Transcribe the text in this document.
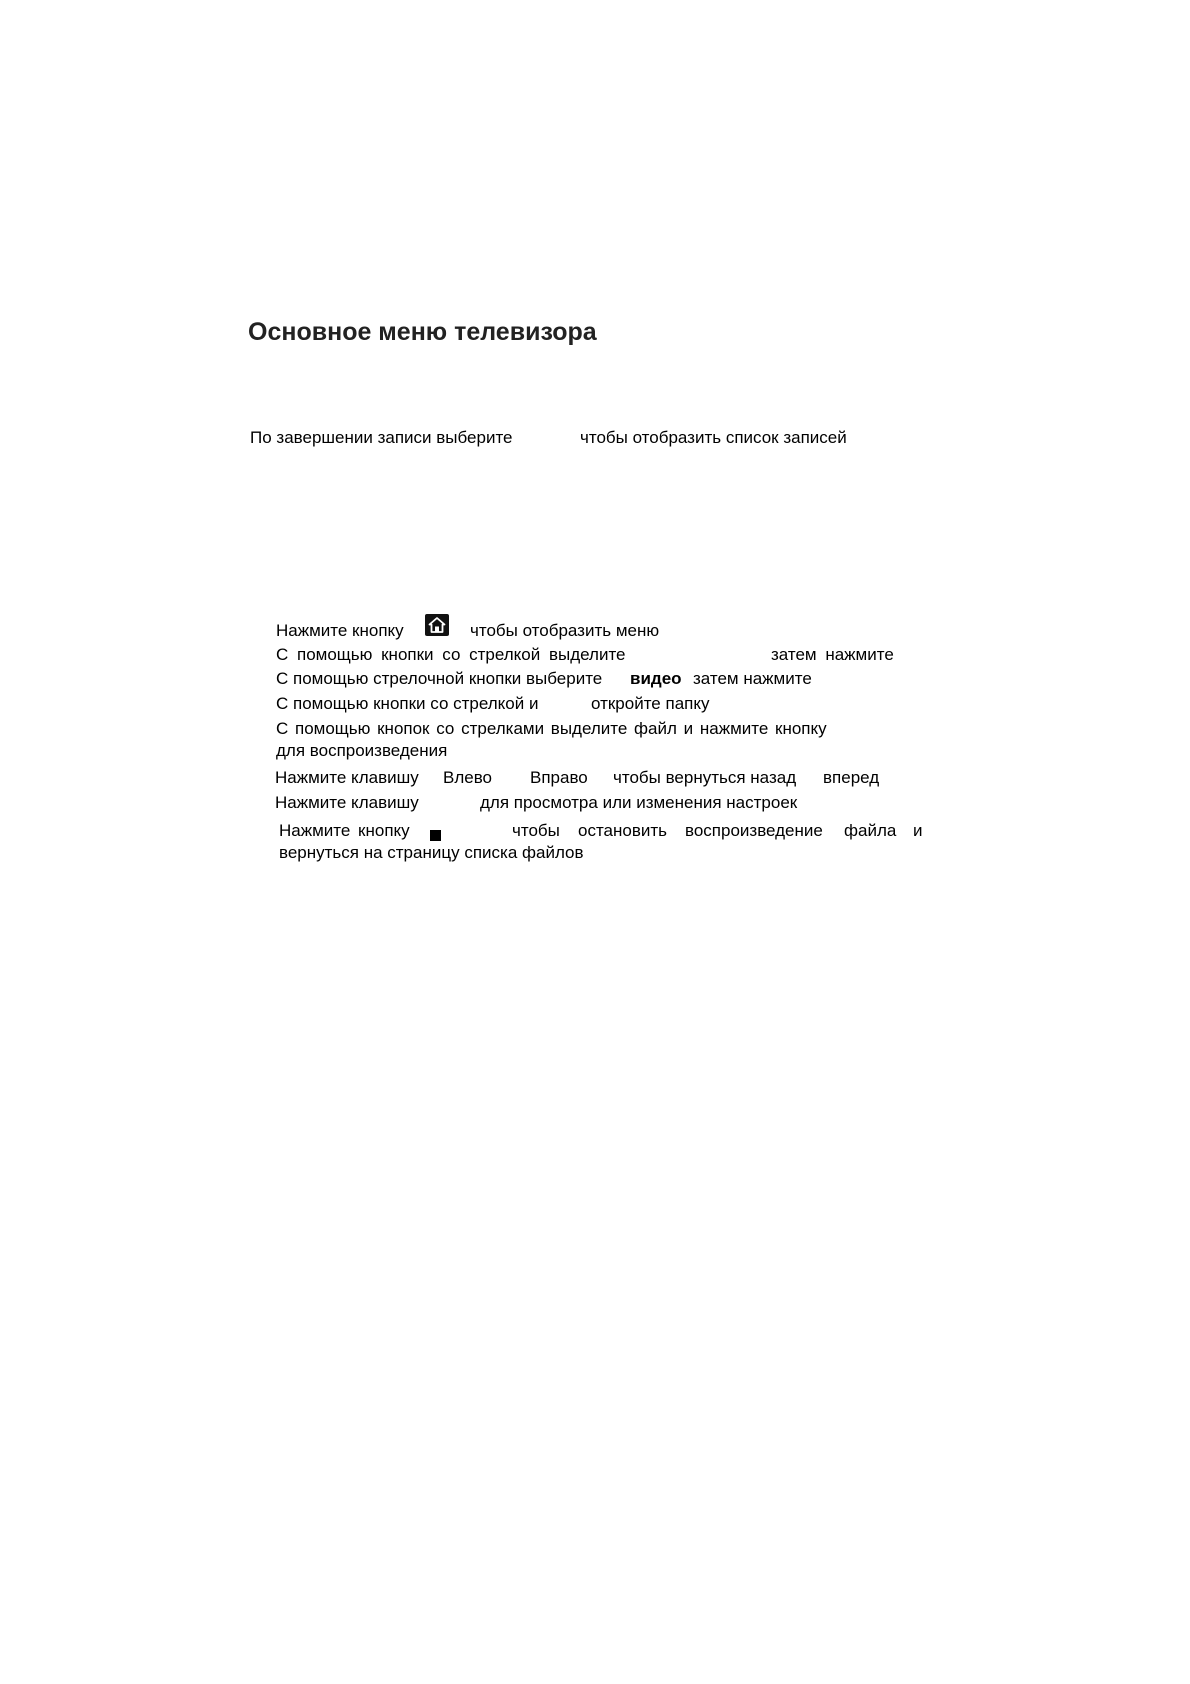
Основное меню телевизора
По завершении записи выберите	чтобы отобразить список записей
Нажмите кнопку	чтобы отобразить меню
С помощью кнопки со стрелкой выделите	затем нажмите
С помощью стрелочной кнопки выберите видео затем нажмите
С помощью кнопки со стрелкой и	откройте папку
С помощью кнопок со стрелками выделите файл и нажмите кнопку
для воспроизведения
Нажмите клавишу Влево Вправо чтобы вернуться назад вперед
Нажмите клавишу	для просмотра или изменения настроек
Нажмите кнопку	чтобы остановить воспроизведение файла и
вернуться на страницу списка файлов
